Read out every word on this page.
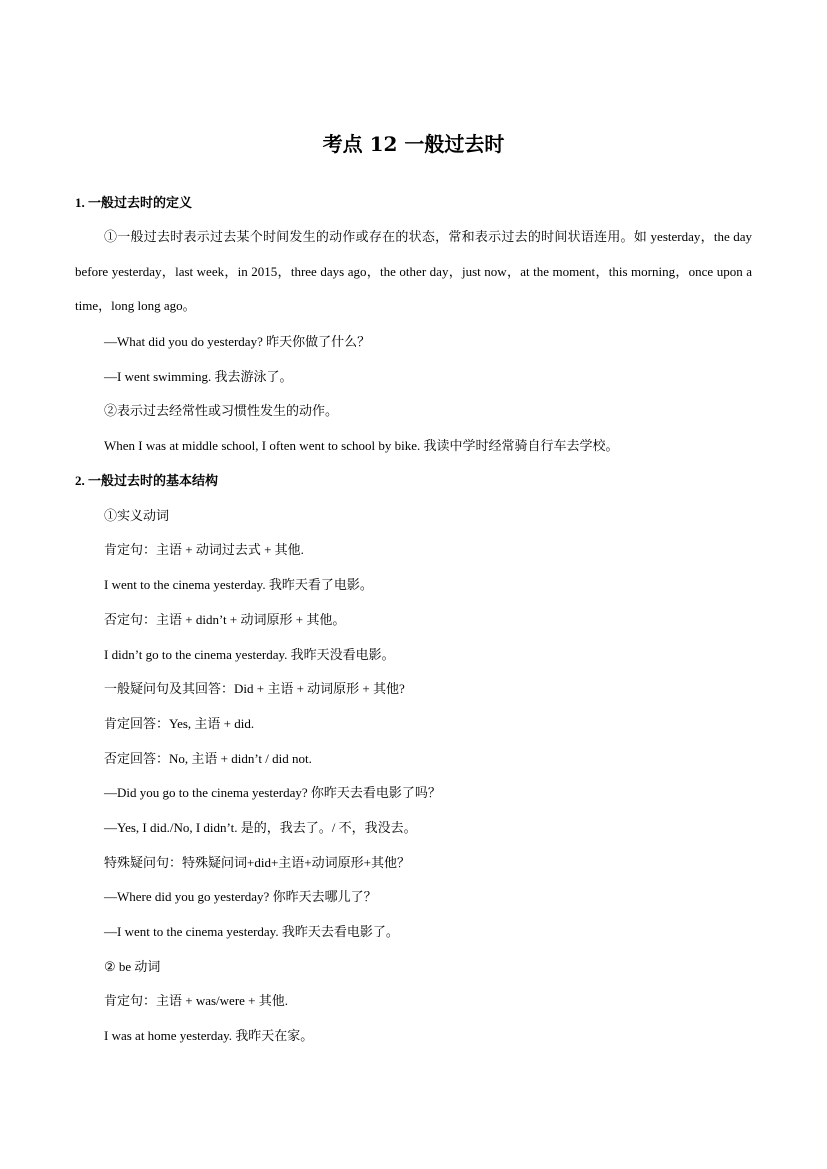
考点 12 一般过去时
1. 一般过去时的定义
①一般过去时表示过去某个时间发生的动作或存在的状态，常和表示过去的时间状语连用。如 yesterday，the day before yesterday，last week，in 2015，three days ago，the other day，just now，at the moment，this morning，once upon a time，long long ago。
—What did you do yesterday? 昨天你做了什么？
—I went swimming. 我去游泳了。
②表示过去经常性或习惯性发生的动作。
When I was at middle school, I often went to school by bike. 我读中学时经常骑自行车去学校。
2. 一般过去时的基本结构
①实义动词
肯定句：主语 + 动词过去式 + 其他.
I went to the cinema yesterday. 我昨天看了电影。
否定句：主语 + didn’t + 动词原形 + 其他。
I didn’t go to the cinema yesterday. 我昨天没看电影。
一般疑问句及其回答：Did + 主语 + 动词原形 + 其他?
肯定回答：Yes, 主语 + did.
否定回答：No, 主语 + didn’t / did not.
—Did you go to the cinema yesterday? 你昨天去看电影了吗？
—Yes, I did./No, I didn’t. 是的，我去了。/ 不，我没去。
特殊疑问句：特殊疑问词+did+主语+动词原形+其他？
—Where did you go yesterday? 你昨天去哪儿了？
—I went to the cinema yesterday. 我昨天去看电影了。
② be 动词
肯定句：主语 + was/were + 其他.
I was at home yesterday. 我昨天在家。
